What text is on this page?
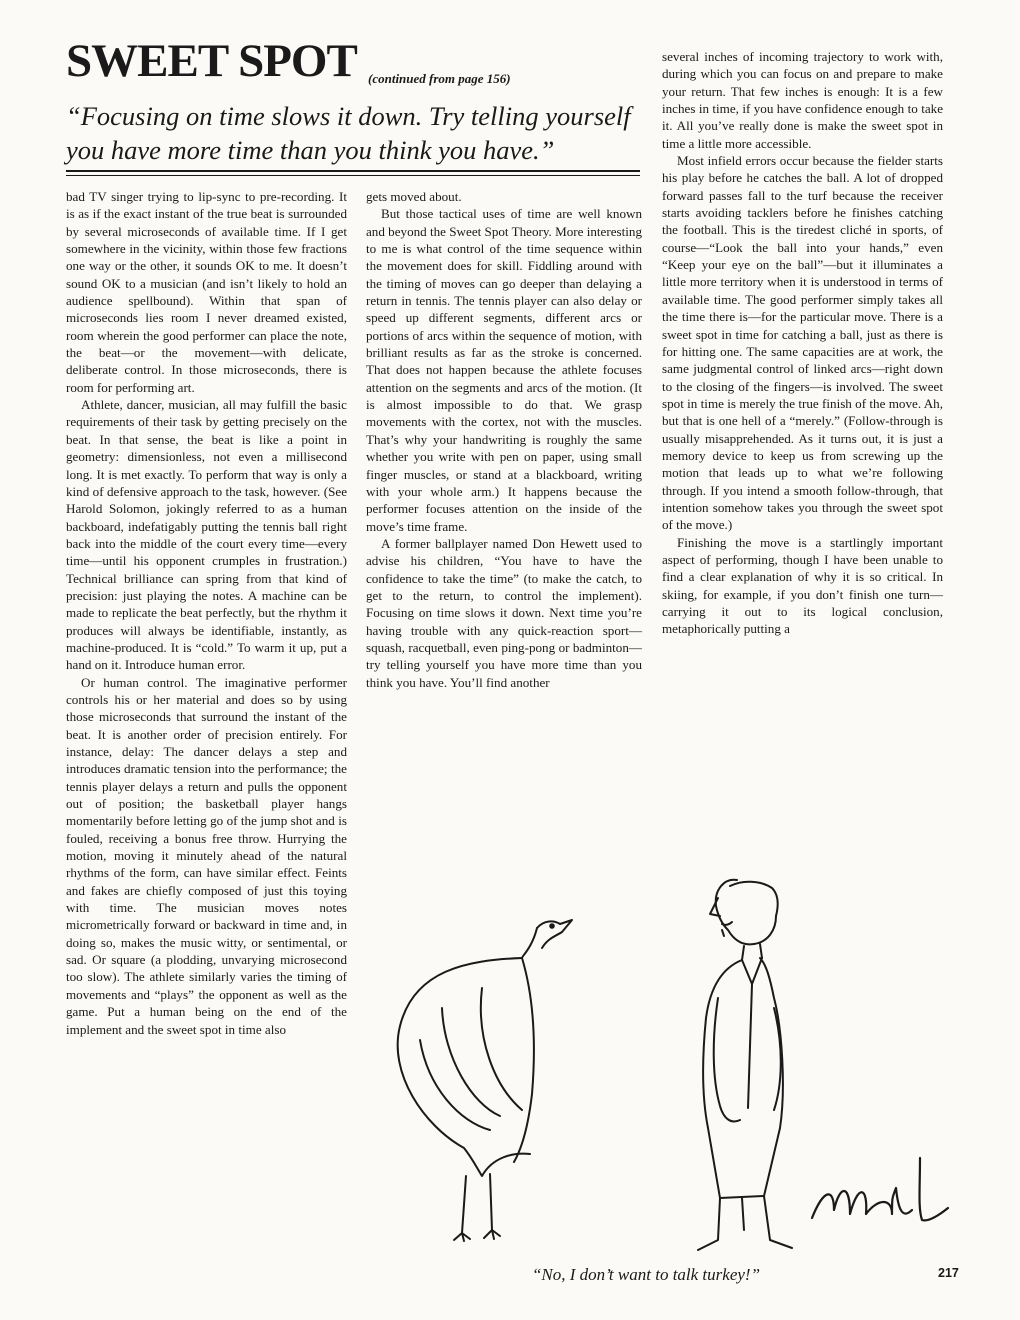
SWEET SPOT (continued from page 156)

“Focusing on time slows it down. Try telling yourself you have more time than you think you have.”

bad TV singer trying to lip-sync to pre-recording. It is as if the exact instant of the true beat is surrounded by several microseconds of available time. If I get somewhere in the vicinity, within those few fractions one way or the other, it sounds OK to me. It doesn’t sound OK to a musician (and isn’t likely to hold an audience spellbound). Within that span of microseconds lies room I never dreamed existed, room wherein the good performer can place the note, the beat—or the movement—with delicate, deliberate control. In those microseconds, there is room for performing art.

Athlete, dancer, musician, all may fulfill the basic requirements of their task by getting precisely on the beat. In that sense, the beat is like a point in geometry: dimensionless, not even a millisecond long. It is met exactly. To perform that way is only a kind of defensive approach to the task, however. (See Harold Solomon, jokingly referred to as a human backboard, indefatigably putting the tennis ball right back into the middle of the court every time—every time—until his opponent crumples in frustration.) Technical brilliance can spring from that kind of precision: just playing the notes. A machine can be made to replicate the beat perfectly, but the rhythm it produces will always be identifiable, instantly, as machine-produced. It is “cold.” To warm it up, put a hand on it. Introduce human error.

Or human control. The imaginative performer controls his or her material and does so by using those microseconds that surround the instant of the beat. It is another order of precision entirely. For instance, delay: The dancer delays a step and introduces dramatic tension into the performance; the tennis player delays a return and pulls the opponent out of position; the basketball player hangs momentarily before letting go of the jump shot and is fouled, receiving a bonus free throw. Hurrying the motion, moving it minutely ahead of the natural rhythms of the form, can have similar effect. Feints and fakes are chiefly composed of just this toying with time. The musician moves notes micrometrically forward or backward in time and, in doing so, makes the music witty, or sentimental, or sad. Or square (a plodding, unvarying microsecond too slow). The athlete similarly varies the timing of movements and “plays” the opponent as well as the game. Put a human being on the end of the implement and the sweet spot in time also

gets moved about.

But those tactical uses of time are well known and beyond the Sweet Spot Theory. More interesting to me is what control of the time sequence within the movement does for skill. Fiddling around with the timing of moves can go deeper than delaying a return in tennis. The tennis player can also delay or speed up different segments, different arcs or portions of arcs within the sequence of motion, with brilliant results as far as the stroke is concerned. That does not happen because the athlete focuses attention on the segments and arcs of the motion. (It is almost impossible to do that. We grasp movements with the cortex, not with the muscles. That’s why your handwriting is roughly the same whether you write with pen on paper, using small finger muscles, or stand at a blackboard, writing with your whole arm.) It happens because the performer focuses attention on the inside of the move’s time frame.

A former ballplayer named Don Hewett used to advise his children, “You have to have the confidence to take the time” (to make the catch, to get to the return, to control the implement). Focusing on time slows it down. Next time you’re having trouble with any quick-reaction sport—squash, racquetball, even ping-pong or badminton—try telling yourself you have more time than you think you have. You’ll find another

several inches of incoming trajectory to work with, during which you can focus on and prepare to make your return. That few inches is enough: It is a few inches in time, if you have confidence enough to take it. All you’ve really done is make the sweet spot in time a little more accessible.

Most infield errors occur because the fielder starts his play before he catches the ball. A lot of dropped forward passes fall to the turf because the receiver starts avoiding tacklers before he finishes catching the football. This is the tiredest cliché in sports, of course—“Look the ball into your hands,” even “Keep your eye on the ball”—but it illuminates a little more territory when it is understood in terms of available time. The good performer simply takes all the time there is—for the particular move. There is a sweet spot in time for catching a ball, just as there is for hitting one. The same capacities are at work, the same judgmental control of linked arcs—right down to the closing of the fingers—is involved. The sweet spot in time is merely the true finish of the move. Ah, but that is one hell of a “merely.” (Follow-through is usually misapprehended. As it turns out, it is just a memory device to keep us from screwing up the motion that leads up to what we’re following through. If you intend a smooth follow-through, that intention somehow takes you through the sweet spot of the move.)

Finishing the move is a startlingly important aspect of performing, though I have been unable to find a clear explanation of why it is so critical. In skiing, for example, if you don’t finish one turn—carrying it out to its logical conclusion, metaphorically putting a

“No, I don’t want to talk turkey!”	217
